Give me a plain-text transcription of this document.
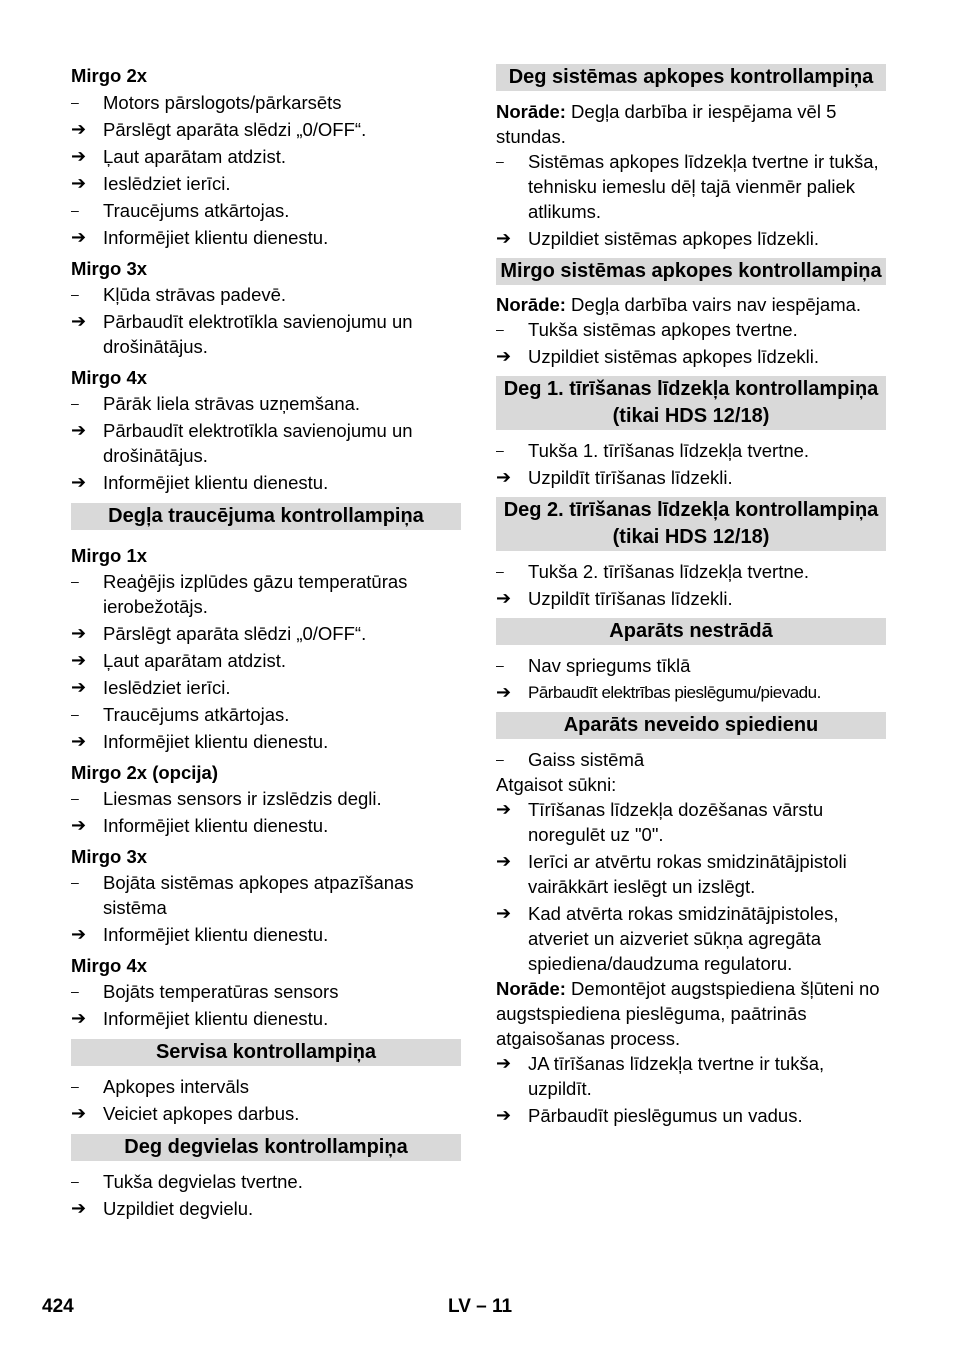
Mirgo 2x
–	Motors pārslogots/pārkarsēts
➔ Pārslēgt aparāta slēdzi „0/OFF“.
➔ Ļaut aparātam atdzist.
➔ Ieslēdziet ierīci.
–	Traucējums atkārtojas.
➔ Informējiet klientu dienestu.
Mirgo 3x
–	Kļūda strāvas padevē.
➔ Pārbaudīt elektrotīkla savienojumu un drošinātājus.
Mirgo 4x
–	Pārāk liela strāvas uzņemšana.
➔ Pārbaudīt elektrotīkla savienojumu un drošinātājus.
➔ Informējiet klientu dienestu.
Degļa traucējuma kontrollampiņa
Mirgo 1x
–	Reaģējis izplūdes gāzu temperatūras ierobežotājs.
➔ Pārslēgt aparāta slēdzi „0/OFF“.
➔ Ļaut aparātam atdzist.
➔ Ieslēdziet ierīci.
–	Traucējums atkārtojas.
➔ Informējiet klientu dienestu.
Mirgo 2x (opcija)
–	Liesmas sensors ir izslēdzis degli.
➔ Informējiet klientu dienestu.
Mirgo 3x
–	Bojāta sistēmas apkopes atpazīšanas sistēma
➔ Informējiet klientu dienestu.
Mirgo 4x
–	Bojāts temperatūras sensors
➔ Informējiet klientu dienestu.
Servisa kontrollampiņa
–	Apkopes intervāls
➔ Veiciet apkopes darbus.
Deg degvielas kontrollampiņa
–	Tukša degvielas tvertne.
➔ Uzpildiet degvielu.
Deg sistēmas apkopes kontrollampiņa
Norāde: Degļa darbība ir iespējama vēl 5 stundas.
–	Sistēmas apkopes līdzekļa tvertne ir tukša, tehnisku iemeslu dēļ tajā vienmēr paliek atlikums.
➔ Uzpildiet sistēmas apkopes līdzekli.
Mirgo sistēmas apkopes kontrollampiņa
Norāde: Degļa darbība vairs nav iespējama.
–	Tukša sistēmas apkopes tvertne.
➔ Uzpildiet sistēmas apkopes līdzekli.
Deg 1. tīrīšanas līdzekļa kontrollampiņa (tikai HDS 12/18)
–	Tukša 1. tīrīšanas līdzekļa tvertne.
➔ Uzpildīt tīrīšanas līdzekli.
Deg 2. tīrīšanas līdzekļa kontrollampiņa (tikai HDS 12/18)
–	Tukša 2. tīrīšanas līdzekļa tvertne.
➔ Uzpildīt tīrīšanas līdzekli.
Aparāts nestrādā
–	Nav spriegums tīklā
➔	Pārbaudīt elektrības pieslēgumu/pievadu.
Aparāts neveido spiedienu
–	Gaiss sistēmā
Atgaisot sūkni:
➔ Tīrīšanas līdzekļa dozēšanas vārstu noregulēt uz "0".
➔ Ierīci ar atvērtu rokas smidzinātājpistoli vairākkārt ieslēgt un izslēgt.
➔ Kad atvērta rokas smidzinātājpistoles, atveriet un aizveriet sūkņa agregāta spiediena/daudzuma regulatoru.
Norāde: Demontējot augstspiediena šļūteni no augstspiediena pieslēguma, paātrinās atgaisošanas process.
➔ JA tīrīšanas līdzekļa tvertne ir tukša, uzpildīt.
➔ Pārbaudīt pieslēgumus un vadus.
424	LV – 11
